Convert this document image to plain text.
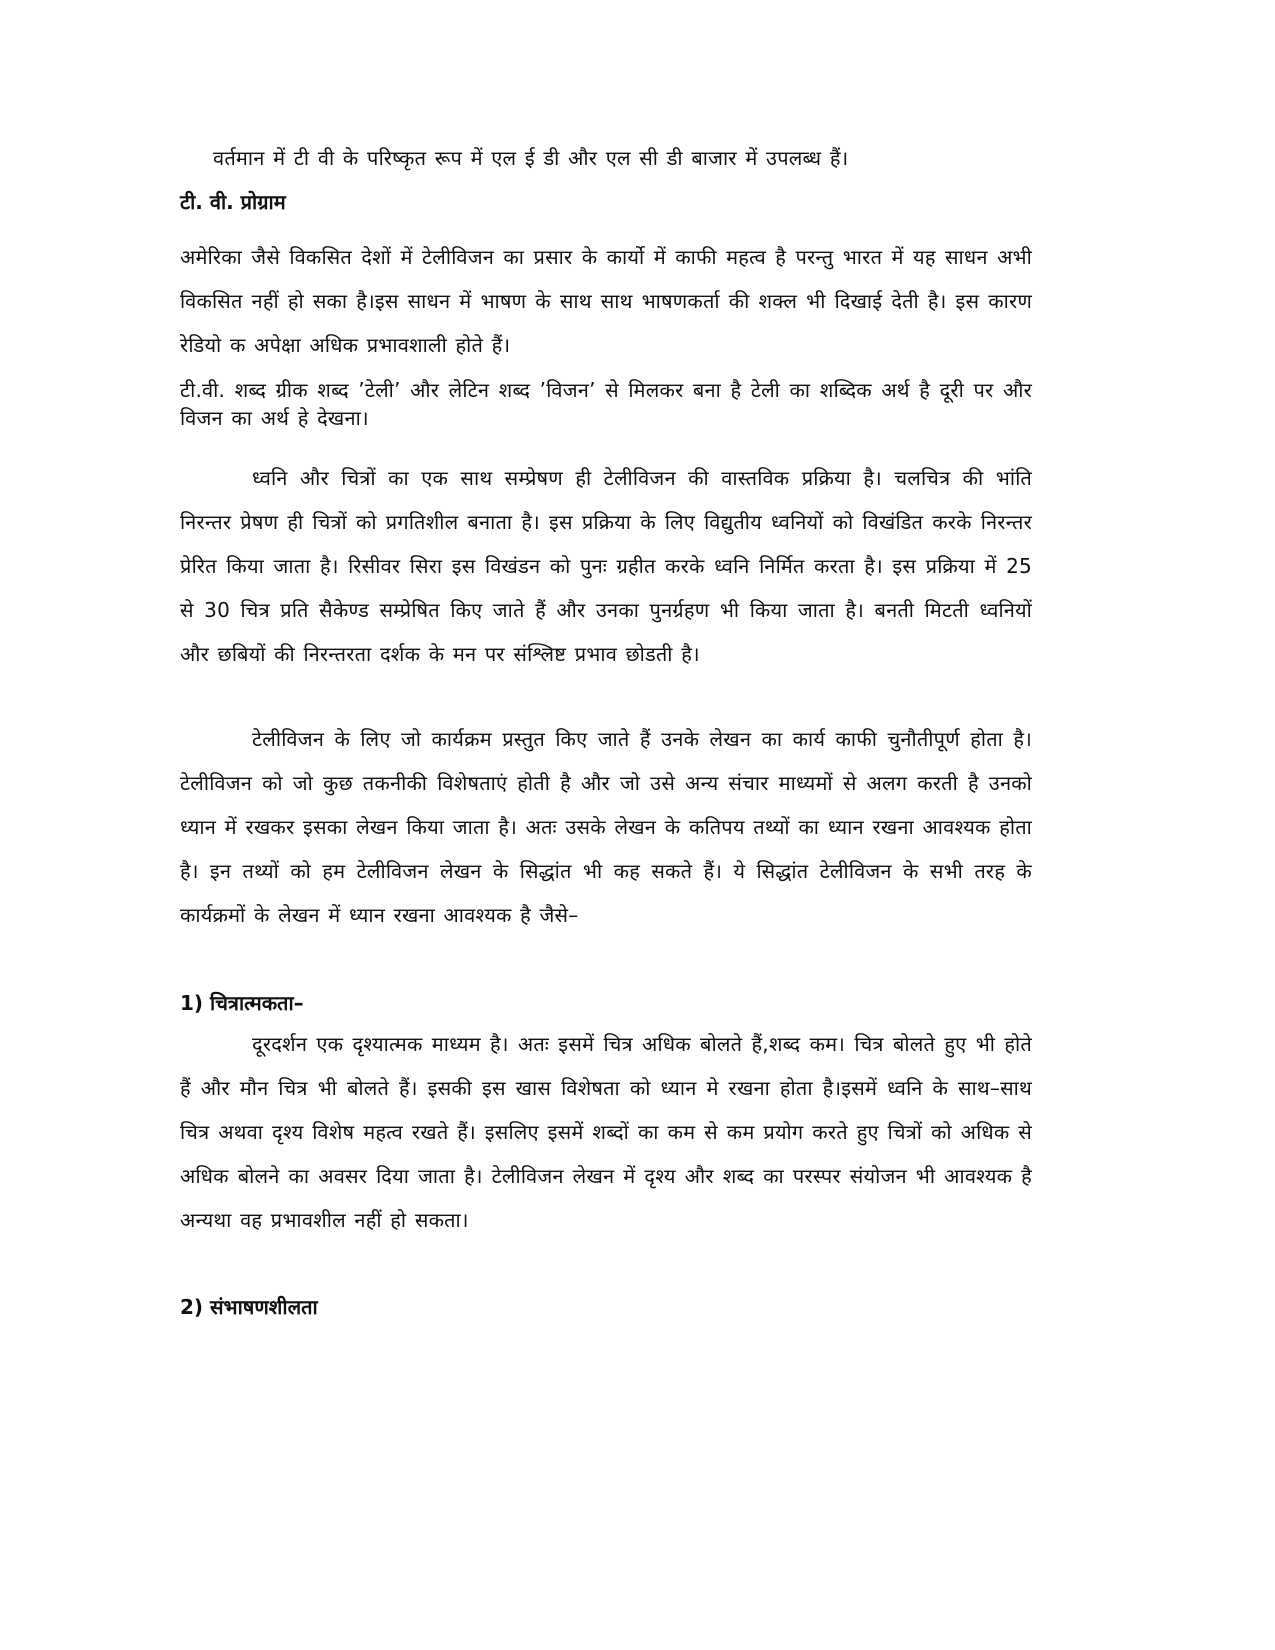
वर्तमान में टी वी के परिष्कृत रूप में एल ई डी और एल सी डी बाजार में उपलब्ध हैं।

टी. वी. प्रोग्राम

अमेरिका जैसे विकसित देशों में टेलीविजन का प्रसार के कार्यो में काफी महत्व है परन्तु भारत में यह साधन अभी विकसित नहीं हो सका है।इस साधन में भाषण के साथ साथ भाषणकर्ता की शक्ल भी दिखाई देती है। इस कारण रेडियो क अपेक्षा अधिक प्रभावशाली होते हैं।

टी.वी. शब्द ग्रीक शब्द ’टेली’ और लेटिन शब्द ’विजन’ से मिलकर बना है टेली का शब्दिक अर्थ है दूरी पर और विजन का अर्थ हे देखना।

ध्वनि और चित्रों का एक साथ सम्प्रेषण ही टेलीविजन की वास्तविक प्रक्रिया है। चलचित्र की भांति निरन्तर प्रेषण ही चित्रों को प्रगतिशील बनाता है। इस प्रक्रिया के लिए विद्युतीय ध्वनियों को विखंडित करके निरन्तर प्रेरित किया जाता है। रिसीवर सिरा इस विखंडन को पुनः ग्रहीत करके ध्वनि निर्मित करता है। इस प्रक्रिया में 25 से 30 चित्र प्रति सैकेण्ड सम्प्रेषित किए जाते हैं और उनका पुनर्ग्रहण भी किया जाता है। बनती मिटती ध्वनियों और छबियों की निरन्तरता दर्शक के मन पर संश्लिष्ट प्रभाव छोडती है।

टेलीविजन के लिए जो कार्यक्रम प्रस्तुत किए जाते हैं उनके लेखन का कार्य काफी चुनौतीपूर्ण होता है। टेलीविजन को जो कुछ तकनीकी विशेषताएं होती है और जो उसे अन्य संचार माध्यमों से अलग करती है उनको ध्यान में रखकर इसका लेखन किया जाता है। अतः उसके लेखन के कतिपय तथ्यों का ध्यान रखना आवश्यक होता है। इन तथ्यों को हम टेलीविजन लेखन के सिद्धांत भी कह सकते हैं। ये सिद्धांत टेलीविजन के सभी तरह के कार्यक्रमों के लेखन में ध्यान रखना आवश्यक है जैसे–

1) चित्रात्मकता–

दूरदर्शन एक दृश्यात्मक माध्यम है। अतः इसमें चित्र अधिक बोलते हैं,शब्द कम। चित्र बोलते हुए भी होते हैं और मौन चित्र भी बोलते हैं। इसकी इस खास विशेषता को ध्यान मे रखना होता है।इसमें ध्वनि के साथ–साथ चित्र अथवा दृश्य विशेष महत्व रखते हैं। इसलिए इसमें शब्दों का कम से कम प्रयोग करते हुए चित्रों को अधिक से अधिक बोलने का अवसर दिया जाता है। टेलीविजन लेखन में दृश्य और शब्द का परस्पर संयोजन भी आवश्यक है अन्यथा वह प्रभावशील नहीं हो सकता।

2) संभाषणशीलता
